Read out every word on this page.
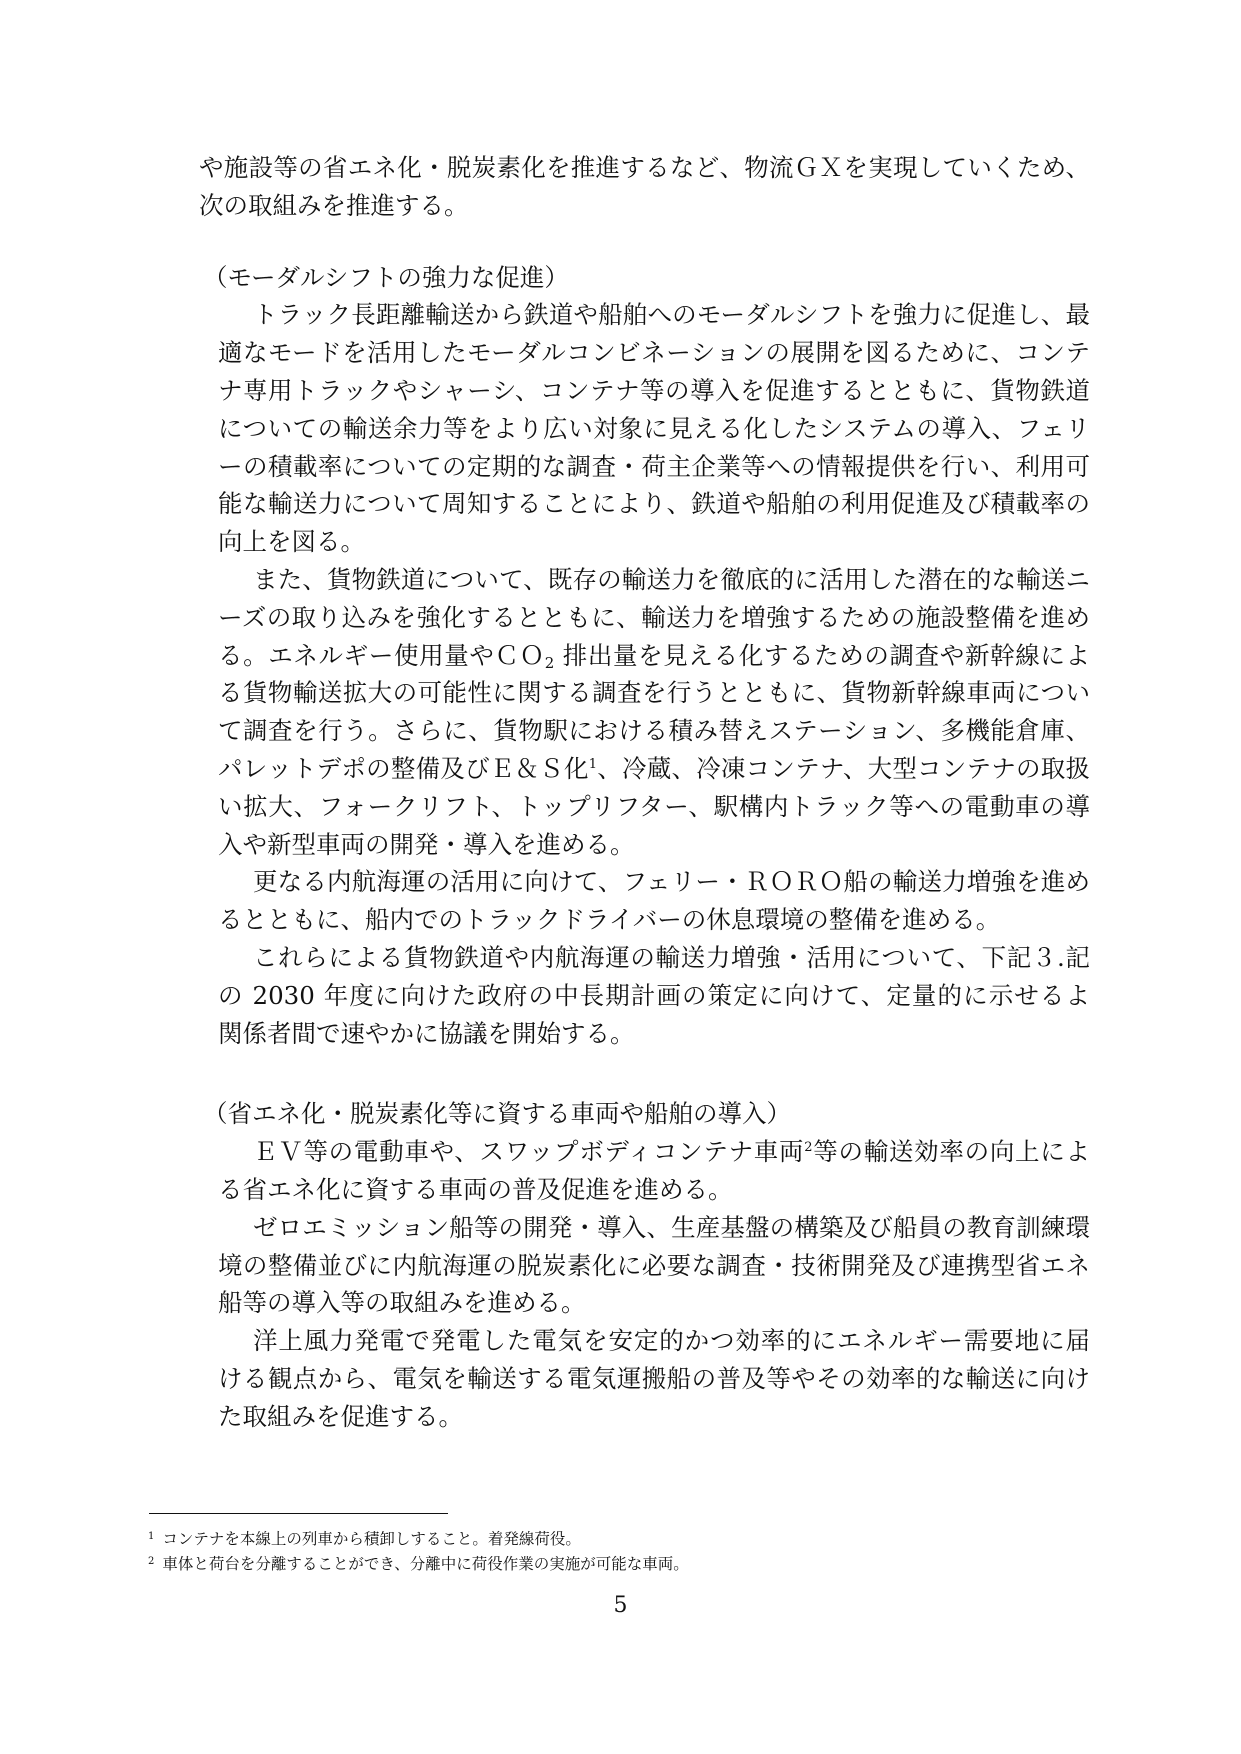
や施設等の省エネ化・脱炭素化を推進するなど、物流ＧＸを実現していくため、
次の取組みを推進する。
（モーダルシフトの強力な促進）
トラック長距離輸送から鉄道や船舶へのモーダルシフトを強力に促進し、最
適なモードを活用したモーダルコンビネーションの展開を図るために、コンテ
ナ専用トラックやシャーシ、コンテナ等の導入を促進するとともに、貨物鉄道
についての輸送余力等をより広い対象に見える化したシステムの導入、フェリ
ーの積載率についての定期的な調査・荷主企業等への情報提供を行い、利用可
能な輸送力について周知することにより、鉄道や船舶の利用促進及び積載率の
向上を図る。
また、貨物鉄道について、既存の輸送力を徹底的に活用した潜在的な輸送ニ
ーズの取り込みを強化するとともに、輸送力を増強するための施設整備を進め
る。エネルギー使用量やＣＯ$_2$ 排出量を見える化するための調査や新幹線によ
る貨物輸送拡大の可能性に関する調査を行うとともに、貨物新幹線車両につい
て調査を行う。さらに、貨物駅における積み替えステーション、多機能倉庫、
パレットデポの整備及びＥ＆Ｓ化$^1$、冷蔵、冷凍コンテナ、大型コンテナの取扱
い拡大、フォークリフト、トップリフター、駅構内トラック等への電動車の導
入や新型車両の開発・導入を進める。
更なる内航海運の活用に向けて、フェリー・ＲＯＲＯ船の輸送力増強を進め
るとともに、船内でのトラックドライバーの休息環境の整備を進める。
これらによる貨物鉄道や内航海運の輸送力増強・活用について、下記３.記
の 2030 年度に向けた政府の中長期計画の策定に向けて、定量的に示せるよ
関係者間で速やかに協議を開始する。
（省エネ化・脱炭素化等に資する車両や船舶の導入）
ＥＶ等の電動車や、スワップボディコンテナ車両$^2$等の輸送効率の向上によ
る省エネ化に資する車両の普及促進を進める。
ゼロエミッション船等の開発・導入、生産基盤の構築及び船員の教育訓練環
境の整備並びに内航海運の脱炭素化に必要な調査・技術開発及び連携型省エネ
船等の導入等の取組みを進める。
洋上風力発電で発電した電気を安定的かつ効率的にエネルギー需要地に届
ける観点から、電気を輸送する電気運搬船の普及等やその効率的な輸送に向け
た取組みを促進する。
$^1$ コンテナを本線上の列車から積卸しすること。着発線荷役。
$^2$ 車体と荷台を分離することができ、分離中に荷役作業の実施が可能な車両。
5
